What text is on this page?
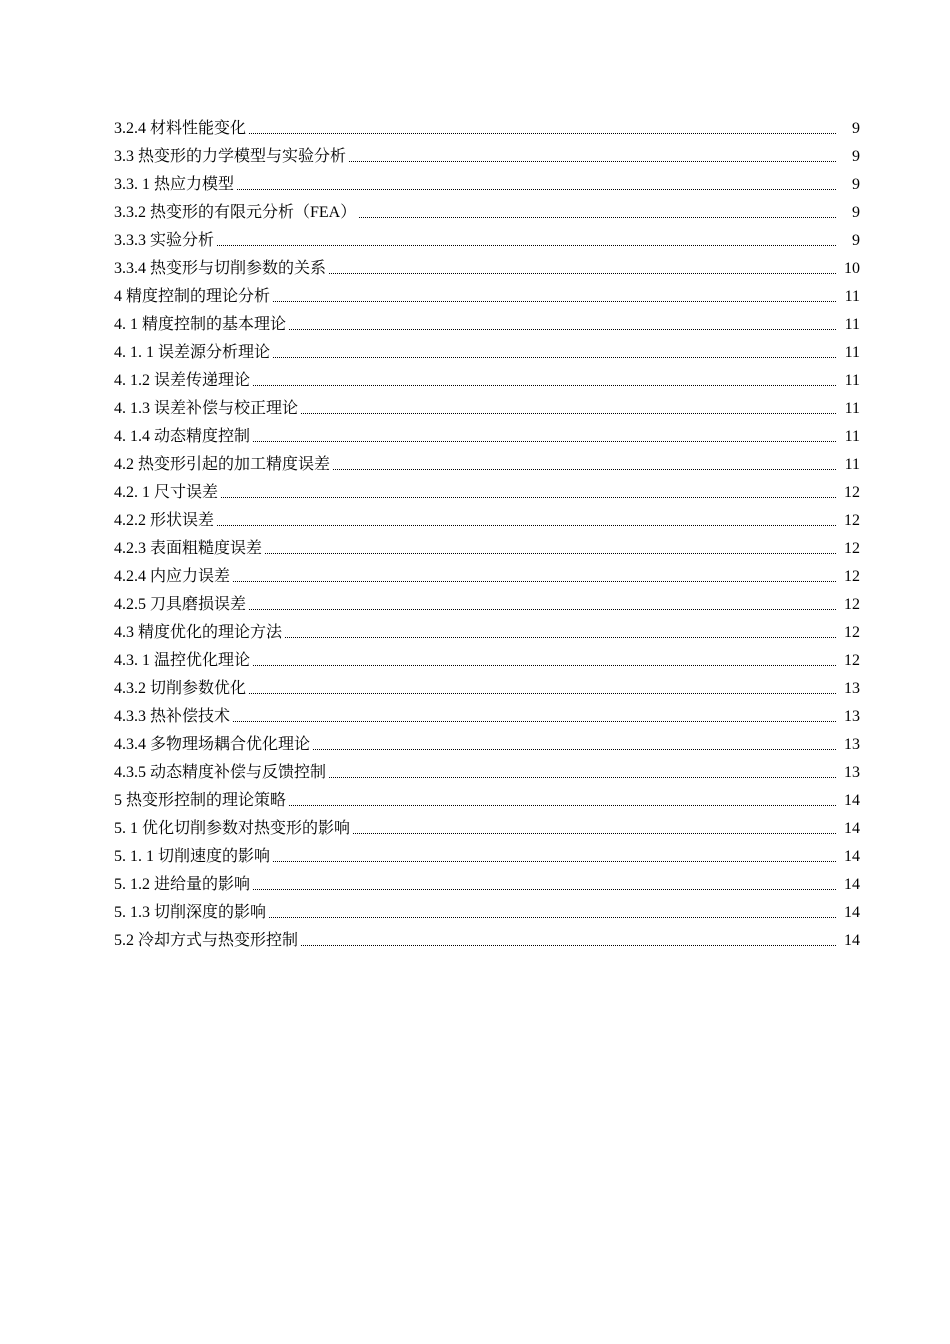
3.2.4 材料性能变化	9
3.3 热变形的力学模型与实验分析	9
3.3. 1 热应力模型	9
3.3.2 热变形的有限元分析（FEA）	9
3.3.3 实验分析	9
3.3.4 热变形与切削参数的关系	10
4 精度控制的理论分析	11
4. 1 精度控制的基本理论	11
4. 1. 1 误差源分析理论	11
4. 1.2 误差传递理论	11
4. 1.3 误差补偿与校正理论	11
4. 1.4 动态精度控制	11
4.2 热变形引起的加工精度误差	11
4.2. 1 尺寸误差	12
4.2.2 形状误差	12
4.2.3 表面粗糙度误差	12
4.2.4 内应力误差	12
4.2.5 刀具磨损误差	12
4.3 精度优化的理论方法	12
4.3. 1 温控优化理论	12
4.3.2 切削参数优化	13
4.3.3 热补偿技术	13
4.3.4 多物理场耦合优化理论	13
4.3.5 动态精度补偿与反馈控制	13
5 热变形控制的理论策略	14
5. 1 优化切削参数对热变形的影响	14
5. 1. 1 切削速度的影响	14
5. 1.2 进给量的影响	14
5. 1.3 切削深度的影响	14
5.2 冷却方式与热变形控制	14
